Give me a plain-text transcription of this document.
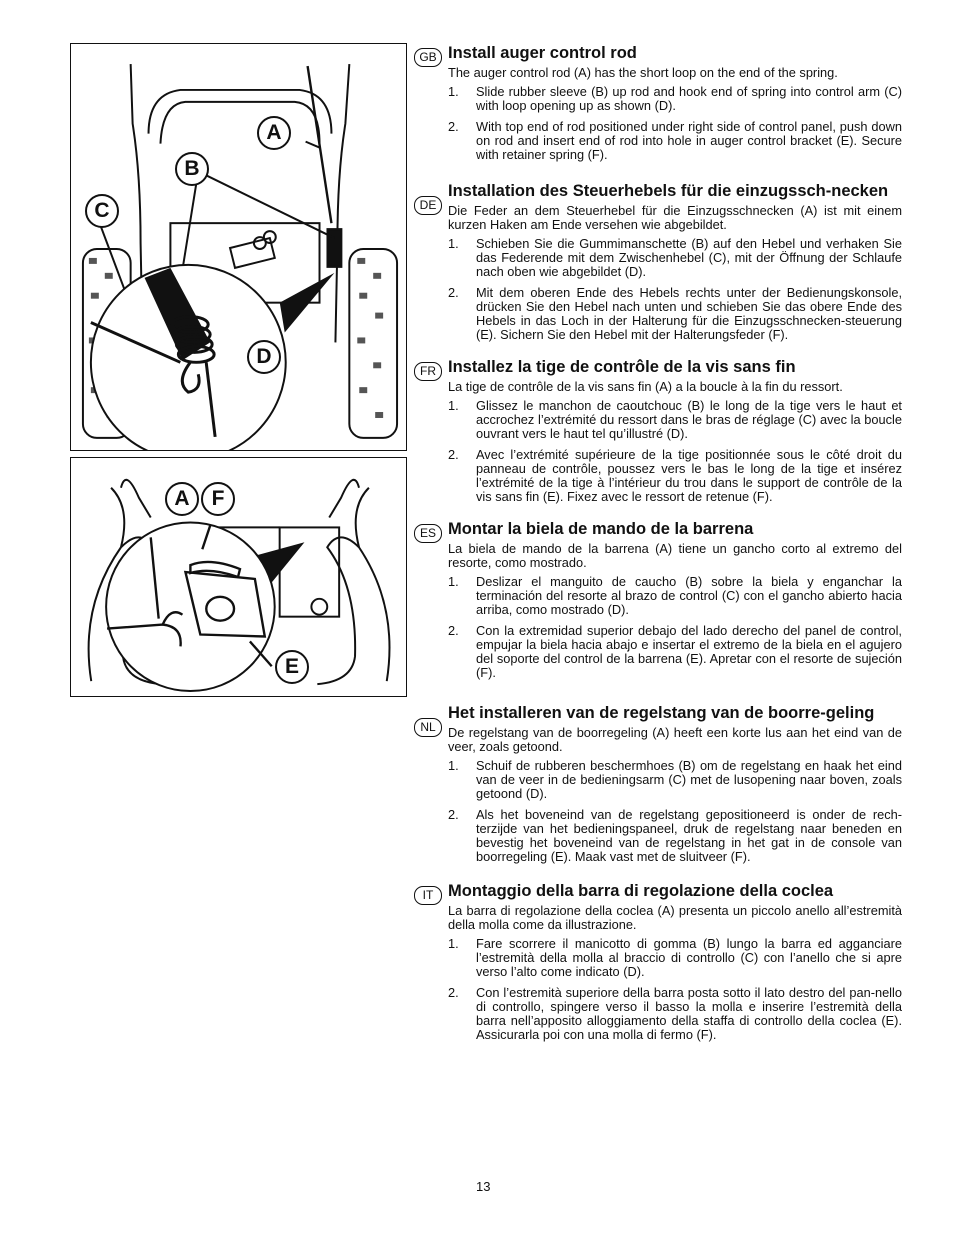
A
B
C
D
A	F
E
GB Install auger control rod
The auger control rod (A) has the short loop on the end of the spring.
1. Slide rubber sleeve (B) up rod and hook end of spring into control arm (C) with loop opening up as shown (D).
2. With top end of rod positioned under right side of control panel, push down on rod and insert end of rod into hole in auger control bracket (E). Secure with retainer spring (F).
DE
Installation des Steuerhebels für die einzugssch-necken
Die Feder an dem Steuerhebel für die Einzugsschnecken (A) ist mit einem kurzen Haken am Ende versehen wie abgebildet.
1. Schieben Sie die Gummimanschette (B) auf den Hebel und verhaken Sie das Federende mit dem Zwischenhebel (C), mit der Öffnung der Schlaufe nach oben wie abgebildet (D).
2. Mit dem oberen Ende des Hebels rechts unter der Bedienungskonsole, drücken Sie den Hebel nach unten und schieben Sie das obere Ende des Hebels in das Loch in der Halterung für die Einzugsschnecken-steuerung (E). Sichern Sie den Hebel mit der Halterungsfeder (F).
FR Installez la tige de contrôle de la vis sans fin
La tige de contrôle de la vis sans fin (A) a la boucle à la fin du ressort.
1. Glissez le manchon de caoutchouc (B) le long de la tige vers le haut et accrochez l’extrémité du ressort dans le bras de réglage (C) avec la boucle ouvrant vers le haut tel qu’illustré (D).
2. Avec l’extrémité supérieure de la tige positionnée sous le côté droit du panneau de contrôle, poussez vers le bas le long de la tige et insérez l’extrémité de la tige à l’intérieur du trou dans le support de contrôle de la vis sans fin (E). Fixez avec le ressort de retenue (F).
ES Montar la biela de mando de la barrena
La biela de mando de la barrena (A) tiene un gancho corto al extremo del resorte, como mostrado.
1. Deslizar el manguito de caucho (B) sobre la biela y enganchar la terminación del resorte al brazo de control (C) con el gancho abierto hacia arriba, como mostrado (D).
2. Con la extremidad superior debajo del lado derecho del panel de control, empujar la biela hacia abajo e insertar el extremo de la biela en el agujero del soporte del control de la barrena (E). Apretar con el resorte de sujeción (F).
NL
Het installeren van de regelstang van de boorre-geling
De regelstang van de boorregeling (A) heeft een korte lus aan het eind van de veer, zoals getoond.
1. Schuif de rubberen beschermhoes (B) om de regelstang en haak het eind van de veer in de bedieningsarm (C) met de lusopening naar boven, zoals getoond (D).
2. Als het boveneind van de regelstang gepositioneerd is onder de rech-terzijde van het bedieningspaneel, druk de regelstang naar beneden en bevestig het boveneind van de regelstang in het gat in de console van boorregeling (E). Maak vast met de sluitveer (F).
IT Montaggio della barra di regolazione della coclea
La barra di regolazione della coclea (A) presenta un piccolo anello all’estremità della molla come da illustrazione.
1. Fare scorrere il manicotto di gomma (B) lungo la barra ed agganciare l’estremità della molla al braccio di controllo (C) con l’anello che si apre verso l’alto come indicato (D).
2. Con l’estremità superiore della barra posta sotto il lato destro del pan-nello di controllo, spingere verso il basso la molla e inserire l’estremità della barra nell’apposito alloggiamento della staffa di controllo della coclea (E). Assicurarla poi con una molla di fermo (F).
13
